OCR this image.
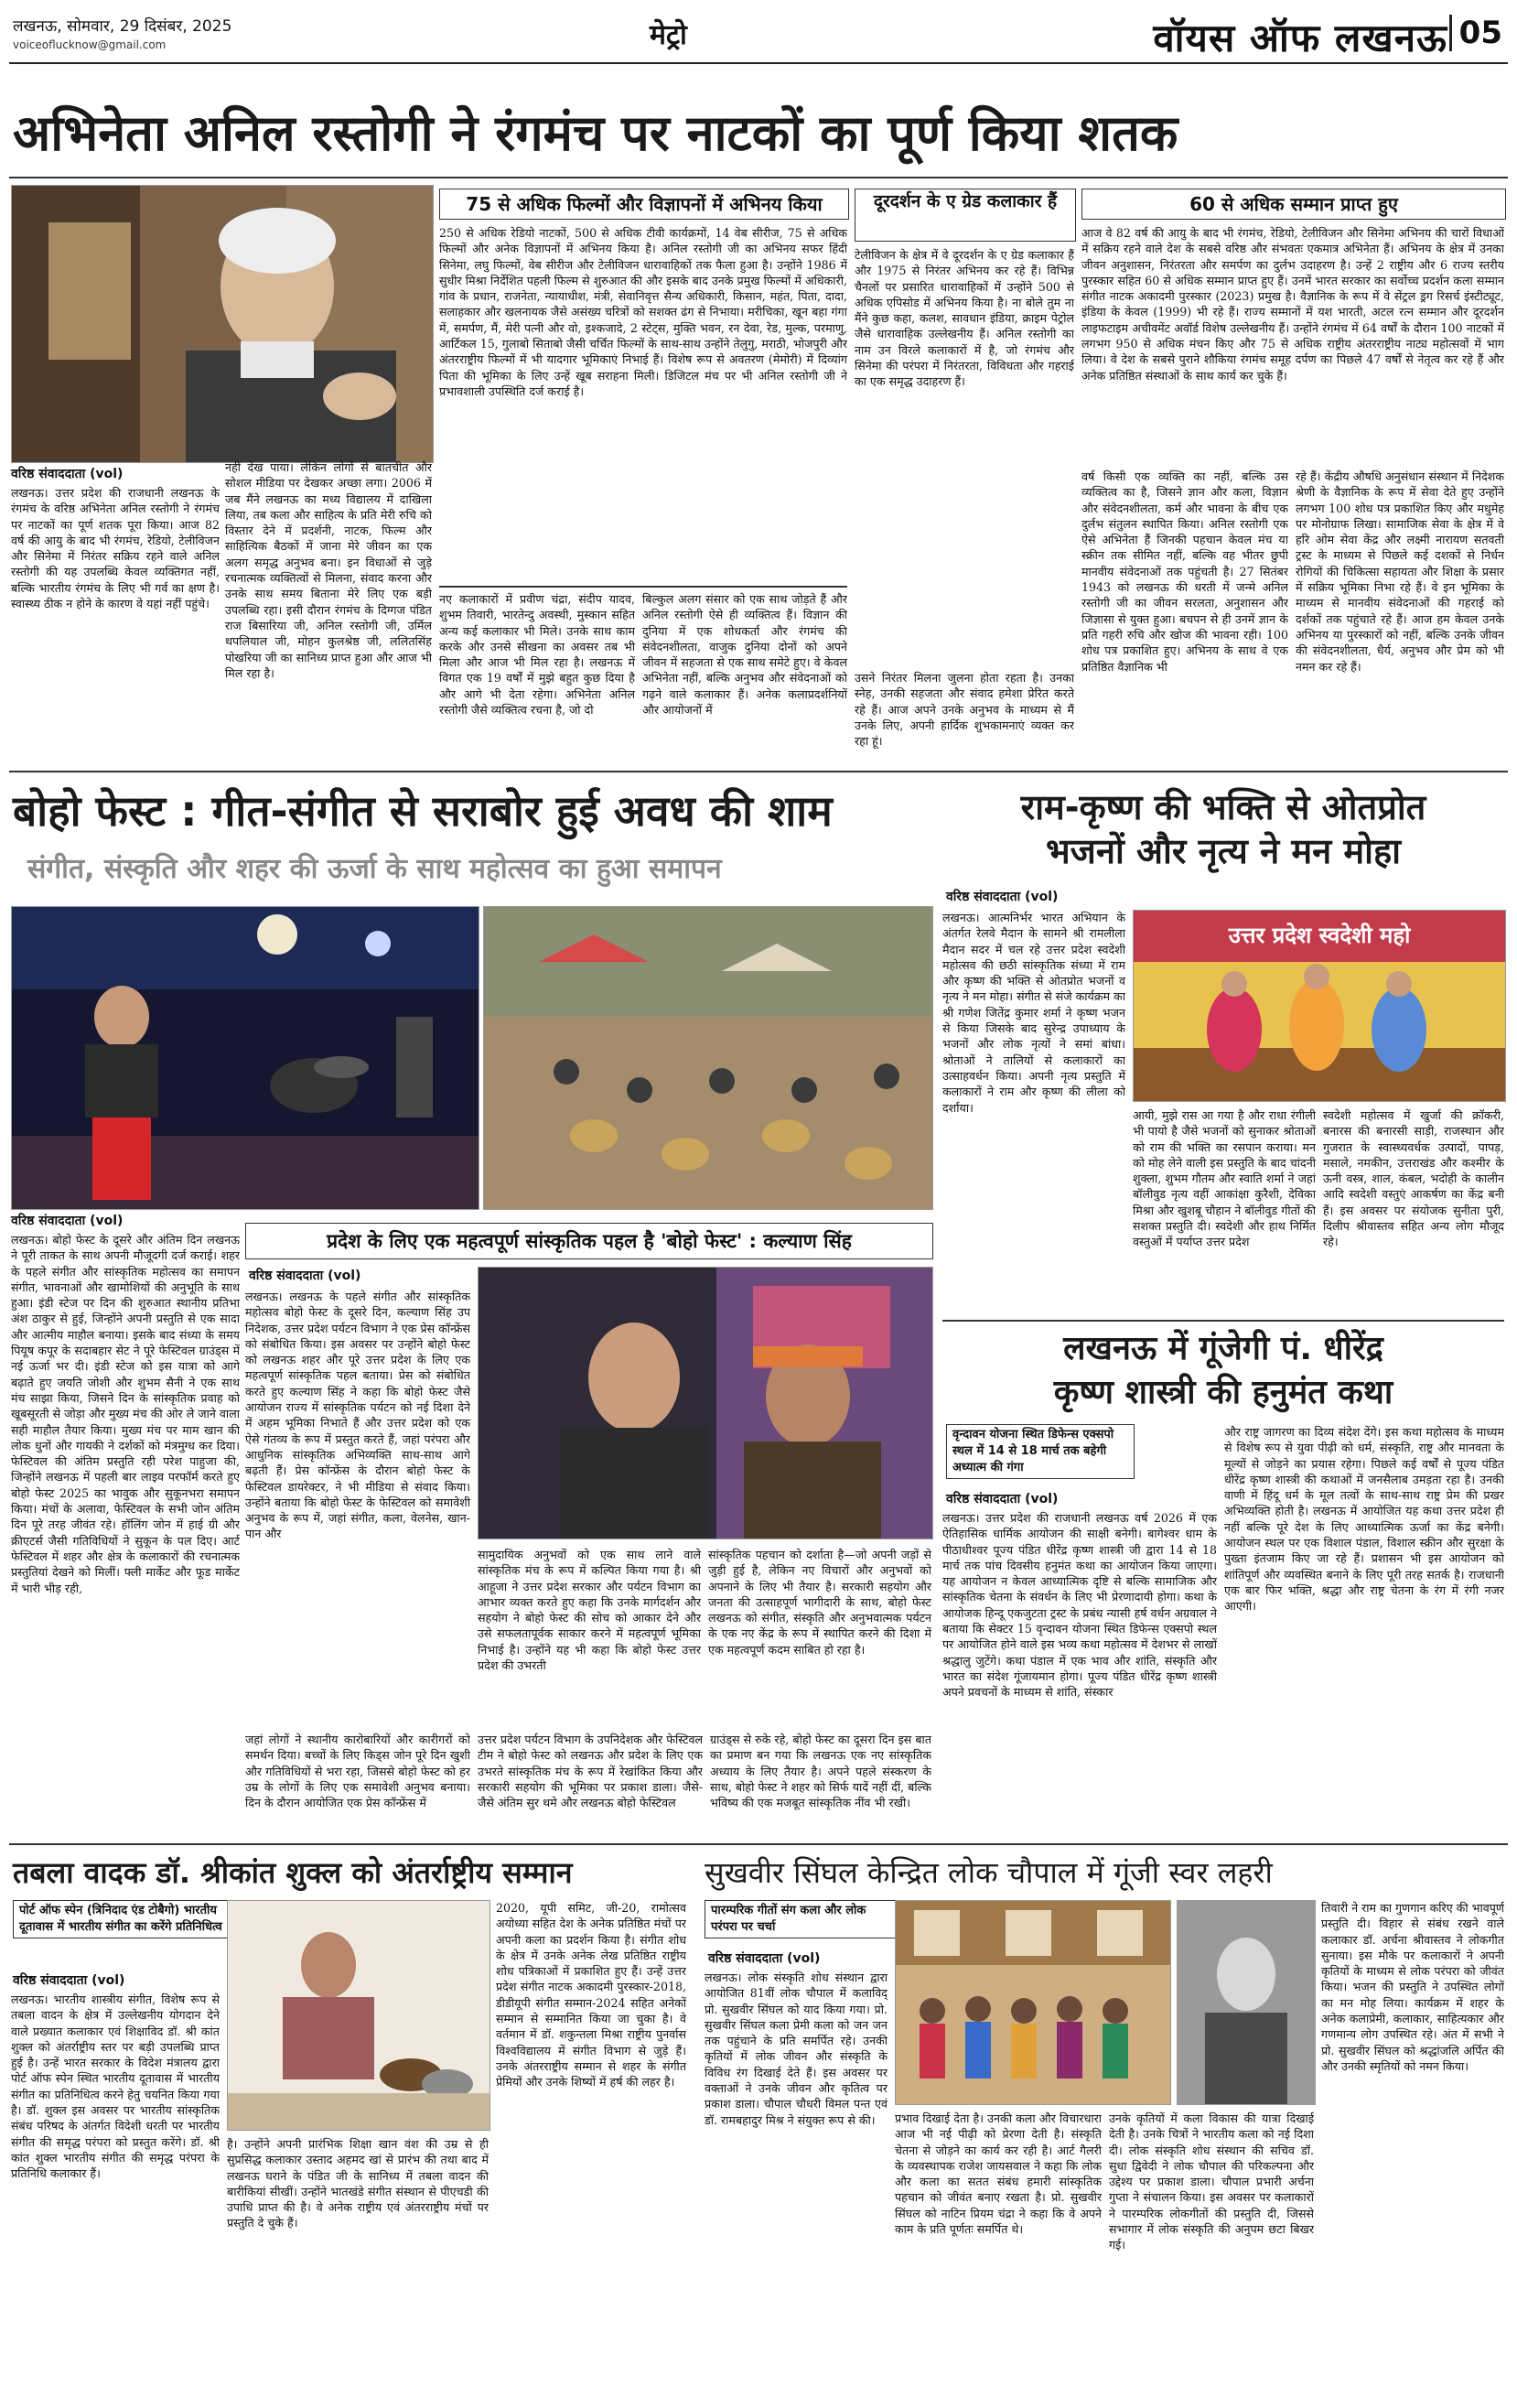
लखनऊ, सोमवार, 29 दिसंबर, 2025
voiceoflucknow@gmail.com	मेट्रो	वॉयस ऑफ लखनऊ 05
अभिनेता अनिल रस्तोगी ने रंगमंच पर नाटकों का पूर्ण किया शतक
वरिष्ठ संवाददाता (vol)
लखनऊ। उत्तर प्रदेश की राजधानी लखनऊ के रंगमंच के वरिष्ठ अभिनेता अनिल रस्तोगी ने रंगमंच पर नाटकों का पूर्ण शतक पूरा किया। आज 82 वर्ष की आयु के बाद भी रंगमंच, रेडियो, टेलीविजन और सिनेमा में निरंतर सक्रिय रहने वाले अनिल रस्तोगी की यह उपलब्धि केवल व्यक्तिगत नहीं, बल्कि भारतीय रंगमंच के लिए भी गर्व का क्षण है। स्वास्थ्य ठीक न होने के कारण वे यहां नहीं पहुंचे।
नहीं देख पाया। लेकिन लोगों से बातचीत और सोशल मीडिया पर देखकर अच्छा लगा। 2006 में जब मैंने लखनऊ का मध्य विद्यालय में दाखिला लिया, तब कला और साहित्य के प्रति मेरी रुचि को विस्तार देने में प्रदर्शनी, नाटक, फिल्म और साहित्यिक बैठकों में जाना मेरे जीवन का एक अलग समृद्ध अनुभव बना। इन विधाओं से जुड़े रचनात्मक व्यक्तित्वों से मिलना, संवाद करना और उनके साथ समय बिताना मेरे लिए एक बड़ी उपलब्धि रहा। इसी दौरान रंगमंच के दिग्गज पंडित राज बिसारिया जी, अनिल रस्तोगी जी, उर्मिल थपलियाल जी, मोहन कुलश्रेष्ठ जी, ललितसिंह पोखरिया जी का सानिध्य प्राप्त हुआ और आज भी मिल रहा है।
75 से अधिक फिल्मों और विज्ञापनों में अभिनय किया
250 से अधिक रेडियो नाटकों, 500 से अधिक टीवी कार्यक्रमों, 14 वेब सीरीज, 75 से अधिक फिल्मों और अनेक विज्ञापनों में अभिनय किया है। अनिल रस्तोगी जी का अभिनय सफर हिंदी सिनेमा, लघु फिल्मों, वेब सीरीज और टेलीविजन धारावाहिकों तक फैला हुआ है। उन्होंने 1986 में सुधीर मिश्रा निर्देशित पहली फिल्म से शुरुआत की और इसके बाद उनके प्रमुख फिल्मों में अधिकारी, गांव के प्रधान, राजनेता, न्यायाधीश, मंत्री, सेवानिवृत्त सैन्य अधिकारी, किसान, महंत, पिता, दादा, सलाहकार और खलनायक जैसे असंख्य चरित्रों को सशक्त ढंग से निभाया। मरीचिका, खून बहा गंगा में, समर्पण, मैं, मेरी पत्नी और वो, इश्कजादे, 2 स्टेट्स, मुक्ति भवन, रन देवा, रेड, मुल्क, परमाणु, आर्टिकल 15, गुलाबो सिताबो जैसी चर्चित फिल्मों के साथ-साथ उन्होंने तेलुगु, मराठी, भोजपुरी और अंतरराष्ट्रीय फिल्मों में भी यादगार भूमिकाएं निभाई हैं। विशेष रूप से अवतरण (मेमोरी) में दिव्यांग पिता की भूमिका के लिए उन्हें खूब सराहना मिली। डिजिटल मंच पर भी अनिल रस्तोगी जी ने प्रभावशाली उपस्थिति दर्ज कराई है।
नए कलाकारों में प्रवीण चंद्रा, संदीप यादव, शुभम तिवारी, भारतेन्दु अवस्थी, मुस्कान सहित अन्य कई कलाकार भी मिले। उनके साथ काम करके और उनसे सीखना का अवसर तब भी मिला और आज भी मिल रहा है। लखनऊ में विगत एक 19 वर्षों में मुझे बहुत कुछ दिया है और आगे भी देता रहेगा। अभिनेता अनिल रस्तोगी जैसे व्यक्तित्व रचना है, जो दो
बिल्कुल अलग संसार को एक साथ जोड़ते हैं और अनिल रस्तोगी ऐसे ही व्यक्तित्व हैं। विज्ञान की दुनिया में एक शोधकर्ता और रंगमंच की संवेदनशीलता, वाजुक दुनिया दोनों को अपने जीवन में सहजता से एक साथ समेटे हुए। वे केवल अभिनेता नहीं, बल्कि अनुभव और संवेदनाओं को गढ़ने वाले कलाकार हैं। अनेक कलाप्रदर्शनियों और आयोजनों में
दूरदर्शन के ए ग्रेड कलाकार हैं
टेलीविजन के क्षेत्र में वे दूरदर्शन के ए ग्रेड कलाकार हैं और 1975 से निरंतर अभिनय कर रहे हैं। विभिन्न चैनलों पर प्रसारित धारावाहिकों में उन्होंने 500 से अधिक एपिसोड में अभिनय किया है। ना बोले तुम ना मैंने कुछ कहा, कलश, सावधान इंडिया, क्राइम पेट्रोल जैसे धारावाहिक उल्लेखनीय हैं। अनिल रस्तोगी का नाम उन विरले कलाकारों में है, जो रंगमंच और सिनेमा की परंपरा में निरंतरता, विविधता और गहराई का एक समृद्ध उदाहरण हैं।
उसने निरंतर मिलना जुलना होता रहता है। उनका स्नेह, उनकी सहजता और संवाद हमेशा प्रेरित करते रहे हैं। आज अपने उनके अनुभव के माध्यम से मैं उनके लिए, अपनी हार्दिक शुभकामनाएं व्यक्त कर रहा हूं।
60 से अधिक सम्मान प्राप्त हुए
आज वे 82 वर्ष की आयु के बाद भी रंगमंच, रेडियो, टेलीविजन और सिनेमा अभिनय की चारों विधाओं में सक्रिय रहने वाले देश के सबसे वरिष्ठ और संभवतः एकमात्र अभिनेता हैं। अभिनय के क्षेत्र में उनका जीवन अनुशासन, निरंतरता और समर्पण का दुर्लभ उदाहरण है। उन्हें 2 राष्ट्रीय और 6 राज्य स्तरीय पुरस्कार सहित 60 से अधिक सम्मान प्राप्त हुए हैं। उनमें भारत सरकार का सर्वोच्च प्रदर्शन कला सम्मान संगीत नाटक अकादमी पुरस्कार (2023) प्रमुख है। वैज्ञानिक के रूप में वे सेंट्रल ड्रग रिसर्च इंस्टीट्यूट, इंडिया के केवल (1999) भी रहे हैं। राज्य सम्मानों में यश भारती, अटल रत्न सम्मान और दूरदर्शन लाइफटाइम अचीवमेंट अवॉर्ड विशेष उल्लेखनीय हैं। उन्होंने रंगमंच में 64 वर्षों के दौरान 100 नाटकों में लगभग 950 से अधिक मंचन किए और 75 से अधिक राष्ट्रीय अंतरराष्ट्रीय नाट्य महोत्सवों में भाग लिया। वे देश के सबसे पुराने शौकिया रंगमंच समूह दर्पण का पिछले 47 वर्षों से नेतृत्व कर रहे हैं और अनेक प्रतिष्ठित संस्थाओं के साथ कार्य कर चुके हैं।
वर्ष किसी एक व्यक्ति का नहीं, बल्कि उस व्यक्तित्व का है, जिसने ज्ञान और कला, विज्ञान और संवेदनशीलता, कर्म और भावना के बीच एक दुर्लभ संतुलन स्थापित किया। अनिल रस्तोगी एक ऐसे अभिनेता हैं जिनकी पहचान केवल मंच या स्क्रीन तक सीमित नहीं, बल्कि वह भीतर छुपी मानवीय संवेदनाओं तक पहुंचती है। 27 सितंबर 1943 को लखनऊ की धरती में जन्मे अनिल रस्तोगी जी का जीवन सरलता, अनुशासन और जिज्ञासा से युक्त हुआ। बचपन से ही उनमें ज्ञान के प्रति गहरी रुचि और खोज की भावना रही। 100 शोध पत्र प्रकाशित हुए। अभिनय के साथ वे एक प्रतिष्ठित वैज्ञानिक भी
रहे हैं। केंद्रीय औषधि अनुसंधान संस्थान में निदेशक श्रेणी के वैज्ञानिक के रूप में सेवा देते हुए उन्होंने लगभग 100 शोध पत्र प्रकाशित किए और मधुमेह पर मोनोग्राफ लिखा। सामाजिक सेवा के क्षेत्र में वे हरि ओम सेवा केंद्र और लक्ष्मी नारायण सतवती ट्रस्ट के माध्यम से पिछले कई दशकों से निर्धन रोगियों की चिकित्सा सहायता और शिक्षा के प्रसार में सक्रिय भूमिका निभा रहे हैं। वे इन भूमिका के माध्यम से मानवीय संवेदनाओं की गहराई को दर्शकों तक पहुंचाते रहे हैं। आज हम केवल उनके अभिनय या पुरस्कारों को नहीं, बल्कि उनके जीवन की संवेदनशीलता, धैर्य, अनुभव और प्रेम को भी नमन कर रहे हैं।
बोहो फेस्ट : गीत-संगीत से सराबोर हुई अवध की शाम
संगीत, संस्कृति और शहर की ऊर्जा के साथ महोत्सव का हुआ समापन
वरिष्ठ संवाददाता (vol)
लखनऊ। बोहो फेस्ट के दूसरे और अंतिम दिन लखनऊ ने पूरी ताकत के साथ अपनी मौजूदगी दर्ज कराई। शहर के पहले संगीत और सांस्कृतिक महोत्सव का समापन संगीत, भावनाओं और खामोशियों की अनुभूति के साथ हुआ। इंडी स्टेज पर दिन की शुरुआत स्थानीय प्रतिभा अंश ठाकुर से हुई, जिन्होंने अपनी प्रस्तुति से एक सादा और आत्मीय माहौल बनाया। इसके बाद संध्या के समय पियूष कपूर के सदाबहार सेट ने पूरे फेस्टिवल ग्राउंड्स में नई ऊर्जा भर दी। इंडी स्टेज को इस यात्रा को आगे बढ़ाते हुए जयति जोशी और शुभम सैनी ने एक साथ मंच साझा किया, जिसने दिन के सांस्कृतिक प्रवाह को खूबसूरती से जोड़ा और मुख्य मंच की ओर ले जाने वाला सही माहौल तैयार किया। मुख्य मंच पर माम खान की लोक धुनों और गायकी ने दर्शकों को मंत्रमुग्ध कर दिया। फेस्टिवल की अंतिम प्रस्तुति रही परेश पाहुजा की, जिन्होंने लखनऊ में पहली बार लाइव परफॉर्म करते हुए बोहो फेस्ट 2025 का भावुक और सुकूनभरा समापन किया। मंचों के अलावा, फेस्टिवल के सभी जोन अंतिम दिन पूरे तरह जीवंत रहे। हॉलिंग जोन में हाई ग्री और क्रीएटर्स जैसी गतिविधियों ने सुकून के पल दिए। आर्ट फेस्टिवल में शहर और क्षेत्र के कलाकारों की रचनात्मक प्रस्तुतियां देखने को मिलीं। फ्ली मार्केट और फूड मार्केट में भारी भीड़ रही,
जहां लोगों ने स्थानीय कारोबारियों और कारीगरों को समर्थन दिया। बच्चों के लिए किड्स जोन पूरे दिन खुशी और गतिविधियों से भरा रहा, जिससे बोहो फेस्ट को हर उम्र के लोगों के लिए एक समावेशी अनुभव बनाया। दिन के दौरान आयोजित एक प्रेस कॉन्फ्रेंस में
उत्तर प्रदेश पर्यटन विभाग के उपनिदेशक और फेस्टिवल टीम ने बोहो फेस्ट को लखनऊ और प्रदेश के लिए एक उभरते सांस्कृतिक मंच के रूप में रेखांकित किया और सरकारी सहयोग की भूमिका पर प्रकाश डाला। जैसे-जैसे अंतिम सुर थमे और लखनऊ बोहो फेस्टिवल
ग्राउंड्स से रुके रहे, बोहो फेस्ट का दूसरा दिन इस बात का प्रमाण बन गया कि लखनऊ एक नए सांस्कृतिक अध्याय के लिए तैयार है। अपने पहले संस्करण के साथ, बोहो फेस्ट ने शहर को सिर्फ यादें नहीं दीं, बल्कि भविष्य की एक मजबूत सांस्कृतिक नींव भी रखी।
प्रदेश के लिए एक महत्वपूर्ण सांस्कृतिक पहल है 'बोहो फेस्ट' : कल्याण सिंह
वरिष्ठ संवाददाता (vol)
लखनऊ। लखनऊ के पहले संगीत और सांस्कृतिक महोत्सव बोहो फेस्ट के दूसरे दिन, कल्याण सिंह उप निदेशक, उत्तर प्रदेश पर्यटन विभाग ने एक प्रेस कॉन्फ्रेंस को संबोधित किया। इस अवसर पर उन्होंने बोहो फेस्ट को लखनऊ शहर और पूरे उत्तर प्रदेश के लिए एक महत्वपूर्ण सांस्कृतिक पहल बताया। प्रेस को संबोधित करते हुए कल्याण सिंह ने कहा कि बोहो फेस्ट जैसे आयोजन राज्य में सांस्कृतिक पर्यटन को नई दिशा देने में अहम भूमिका निभाते हैं और उत्तर प्रदेश को एक ऐसे गंतव्य के रूप में प्रस्तुत करते हैं, जहां परंपरा और आधुनिक सांस्कृतिक अभिव्यक्ति साथ-साथ आगे बढ़ती हैं। प्रेस कॉन्फ्रेंस के दौरान बोहो फेस्ट के फेस्टिवल डायरेक्टर, ने भी मीडिया से संवाद किया। उन्होंने बताया कि बोहो फेस्ट के फेस्टिवल को समावेशी अनुभव के रूप में, जहां संगीत, कला, वेलनेस, खान-पान और
सामुदायिक अनुभवों को एक साथ लाने वाले सांस्कृतिक मंच के रूप में कल्पित किया गया है। श्री आहूजा ने उत्तर प्रदेश सरकार और पर्यटन विभाग का आभार व्यक्त करते हुए कहा कि उनके मार्गदर्शन और सहयोग ने बोहो फेस्ट की सोच को आकार देने और उसे सफलतापूर्वक साकार करने में महत्वपूर्ण भूमिका निभाई है। उन्होंने यह भी कहा कि बोहो फेस्ट उत्तर प्रदेश की उभरती
सांस्कृतिक पहचान को दर्शाता है—जो अपनी जड़ों से जुड़ी हुई है, लेकिन नए विचारों और अनुभवों को अपनाने के लिए भी तैयार है। सरकारी सहयोग और जनता की उत्साहपूर्ण भागीदारी के साथ, बोहो फेस्ट लखनऊ को संगीत, संस्कृति और अनुभवात्मक पर्यटन के एक नए केंद्र के रूप में स्थापित करने की दिशा में एक महत्वपूर्ण कदम साबित हो रहा है।
राम-कृष्ण की भक्ति से ओतप्रोत
भजनों और नृत्य ने मन मोहा
वरिष्ठ संवाददाता (vol)
लखनऊ। आत्मनिर्भर भारत अभियान के अंतर्गत रेलवे मैदान के सामने श्री रामलीला मैदान सदर में चल रहे उत्तर प्रदेश स्वदेशी महोत्सव की छठी सांस्कृतिक संध्या में राम और कृष्ण की भक्ति से ओतप्रोत भजनों व नृत्य ने मन मोहा। संगीत से संजे कार्यक्रम का श्री गणेश जितेंद्र कुमार शर्मा ने कृष्ण भजन से किया जिसके बाद सुरेन्द्र उपाध्याय के भजनों और लोक नृत्यों ने समां बांधा। श्रोताओं ने तालियों से कलाकारों का उत्साहवर्धन किया। अपनी नृत्य प्रस्तुति में कलाकारों ने राम और कृष्ण की लीला को दर्शाया।
उत्तर प्रदेश स्वदेशी महो
आयी, मुझे रास आ गया है और राधा रंगीली भी पायो है जैसे भजनों को सुनाकर श्रोताओं को राम की भक्ति का रसपान कराया। मन को मोह लेने वाली इस प्रस्तुति के बाद चांदनी शुक्ला, शुभम गौतम और स्वाति शर्मा ने जहां बॉलीवुड नृत्य वहीं आकांक्षा कुरैशी, देविका मिश्रा और खुशबू चौहान ने बॉलीवुड गीतों की सशक्त प्रस्तुति दी। स्वदेशी और हाथ निर्मित वस्तुओं में पर्याप्त उत्तर प्रदेश
स्वदेशी महोत्सव में खुर्जा की क्रॉकरी, बनारस की बनारसी साड़ी, राजस्थान और गुजरात के स्वास्थ्यवर्धक उत्पादों, पापड़, मसाले, नमकीन, उत्तराखंड और कश्मीर के ऊनी वस्त्र, शाल, कंबल, भदोही के कालीन आदि स्वदेशी वस्तुएं आकर्षण का केंद्र बनी हैं। इस अवसर पर संयोजक सुनीता पुरी, दिलीप श्रीवास्तव सहित अन्य लोग मौजूद रहे।
लखनऊ में गूंजेगी पं. धीरेंद्र
कृष्ण शास्त्री की हनुमंत कथा
वृन्दावन योजना स्थित डिफेन्स एक्सपो स्थल में 14 से 18 मार्च तक बहेगी अध्यात्म की गंगा
वरिष्ठ संवाददाता (vol)
लखनऊ। उत्तर प्रदेश की राजधानी लखनऊ वर्ष 2026 में एक ऐतिहासिक धार्मिक आयोजन की साक्षी बनेगी। बागेश्वर धाम के पीठाधीश्वर पूज्य पंडित धीरेंद्र कृष्ण शास्त्री जी द्वारा 14 से 18 मार्च तक पांच दिवसीय हनुमंत कथा का आयोजन किया जाएगा। यह आयोजन न केवल आध्यात्मिक दृष्टि से बल्कि सामाजिक और सांस्कृतिक चेतना के संवर्धन के लिए भी प्रेरणादायी होगा। कथा के आयोजक हिन्दू एकजुटता ट्रस्ट के प्रबंध न्यासी हर्ष वर्धन अग्रवाल ने बताया कि सेक्टर 15 वृन्दावन योजना स्थित डिफेन्स एक्सपो स्थल पर आयोजित होने वाले इस भव्य कथा महोत्सव में देशभर से लाखों श्रद्धालु जुटेंगे। कथा पंडाल में एक भाव और शांति, संस्कृति और भारत का संदेश गूंजायमान होगा। पूज्य पंडित धीरेंद्र कृष्ण शास्त्री अपने प्रवचनों के माध्यम से शांति, संस्कार
और राष्ट्र जागरण का दिव्य संदेश देंगे। इस कथा महोत्सव के माध्यम से विशेष रूप से युवा पीढ़ी को धर्म, संस्कृति, राष्ट्र और मानवता के मूल्यों से जोड़ने का प्रयास रहेगा। पिछले कई वर्षों से पूज्य पंडित धीरेंद्र कृष्ण शास्त्री की कथाओं में जनसैलाब उमड़ता रहा है। उनकी वाणी में हिंदू धर्म के मूल तत्वों के साथ-साथ राष्ट्र प्रेम की प्रखर अभिव्यक्ति होती है। लखनऊ में आयोजित यह कथा उत्तर प्रदेश ही नहीं बल्कि पूरे देश के लिए आध्यात्मिक ऊर्जा का केंद्र बनेगी। आयोजन स्थल पर एक विशाल पंडाल, विशाल स्क्रीन और सुरक्षा के पुख्ता इंतजाम किए जा रहे हैं। प्रशासन भी इस आयोजन को शांतिपूर्ण और व्यवस्थित बनाने के लिए पूरी तरह सतर्क है। राजधानी एक बार फिर भक्ति, श्रद्धा और राष्ट्र चेतना के रंग में रंगी नजर आएगी।
तबला वादक डॉ. श्रीकांत शुक्ल को अंतर्राष्ट्रीय सम्मान
पोर्ट ऑफ स्पेन (त्रिनिदाद एंड टोबैगो) भारतीय दूतावास में भारतीय संगीत का करेंगे प्रतिनिधित्व
वरिष्ठ संवाददाता (vol)
लखनऊ। भारतीय शास्त्रीय संगीत, विशेष रूप से तबला वादन के क्षेत्र में उल्लेखनीय योगदान देने वाले प्रख्यात कलाकार एवं शिक्षाविद डॉ. श्री कांत शुक्ल को अंतर्राष्ट्रीय स्तर पर बड़ी उपलब्धि प्राप्त हुई है। उन्हें भारत सरकार के विदेश मंत्रालय द्वारा पोर्ट ऑफ स्पेन स्थित भारतीय दूतावास में भारतीय संगीत का प्रतिनिधित्व करने हेतु चयनित किया गया है। डॉ. शुक्ल इस अवसर पर भारतीय सांस्कृतिक संबंध परिषद के अंतर्गत विदेशी धरती पर भारतीय संगीत की समृद्ध परंपरा को प्रस्तुत करेंगे। डॉ. श्री कांत शुक्ल भारतीय संगीत की समृद्ध परंपरा के प्रतिनिधि कलाकार हैं।
है। उन्होंने अपनी प्रारंभिक शिक्षा खान वंश की उम्र से ही सुप्रसिद्ध कलाकार उस्ताद अहमद खां से प्रारंभ की तथा बाद में लखनऊ घराने के पंडित जी के सानिध्य में तबला वादन की बारीकियां सीखीं। उन्होंने भातखंडे संगीत संस्थान से पीएचडी की उपाधि प्राप्त की है। वे अनेक राष्ट्रीय एवं अंतरराष्ट्रीय मंचों पर प्रस्तुति दे चुके हैं।
2020, यूपी समिट, जी-20, रामोत्सव अयोध्या सहित देश के अनेक प्रतिष्ठित मंचों पर अपनी कला का प्रदर्शन किया है। संगीत शोध के क्षेत्र में उनके अनेक लेख प्रतिष्ठित राष्ट्रीय शोध पत्रिकाओं में प्रकाशित हुए हैं। उन्हें उत्तर प्रदेश संगीत नाटक अकादमी पुरस्कार-2018, डीडीयूपी संगीत सम्मान-2024 सहित अनेकों सम्मान से सम्मानित किया जा चुका है। वे वर्तमान में डॉ. शकुन्तला मिश्रा राष्ट्रीय पुनर्वास विश्वविद्यालय में संगीत विभाग से जुड़े हैं। उनके अंतरराष्ट्रीय सम्मान से शहर के संगीत प्रेमियों और उनके शिष्यों में हर्ष की लहर है।
सुखवीर सिंघल केन्द्रित लोक चौपाल में गूंजी स्वर लहरी
पारम्परिक गीतों संग कला और लोक परंपरा पर चर्चा
वरिष्ठ संवाददाता (vol)
लखनऊ। लोक संस्कृति शोध संस्थान द्वारा आयोजित 81वीं लोक चौपाल में कलाविद् प्रो. सुखवीर सिंघल को याद किया गया। प्रो. सुखवीर सिंघल कला प्रेमी कला को जन जन तक पहुंचाने के प्रति समर्पित रहे। उनकी कृतियों में लोक जीवन और संस्कृति के विविध रंग दिखाई देते हैं। इस अवसर पर वक्ताओं ने उनके जीवन और कृतित्व पर प्रकाश डाला। चौपाल चौधरी विमल पन्त एवं डॉ. रामबहादुर मिश्र ने संयुक्त रूप से की।	प्रभाव दिखाई देता है। उनकी कला और विचारधारा आज भी नई पीढ़ी को प्रेरणा देती है। संस्कृति चेतना से जोड़ने का कार्य कर रही है। आर्ट गैलरी के व्यवस्थापक राजेश जायसवाल ने कहा कि लोक और कला का सतत संबंध हमारी सांस्कृतिक पहचान को जीवंत बनाए रखता है। प्रो. सुखवीर सिंघल को नाटिन प्रियम चंद्रा ने कहा कि वे अपने काम के प्रति पूर्णतः समर्पित थे।
उनके कृतियों में कला विकास की यात्रा दिखाई देती है। उनके चित्रों ने भारतीय कला को नई दिशा दी। लोक संस्कृति शोध संस्थान की सचिव डॉ. सुधा द्विवेदी ने लोक चौपाल की परिकल्पना और उद्देश्य पर प्रकाश डाला। चौपाल प्रभारी अर्चना गुप्ता ने संचालन किया। इस अवसर पर कलाकारों ने पारम्परिक लोकगीतों की प्रस्तुति दी, जिससे सभागार में लोक संस्कृति की अनुपम छटा बिखर गई।
तिवारी ने राम का गुणगान करिए की भावपूर्ण प्रस्तुति दी। विहार से संबंध रखने वाले कलाकार डॉ. अर्चना श्रीवास्तव ने लोकगीत सुनाया। इस मौके पर कलाकारों ने अपनी कृतियों के माध्यम से लोक परंपरा को जीवंत किया। भजन की प्रस्तुति ने उपस्थित लोगों का मन मोह लिया। कार्यक्रम में शहर के अनेक कलाप्रेमी, कलाकार, साहित्यकार और गणमान्य लोग उपस्थित रहे। अंत में सभी ने प्रो. सुखवीर सिंघल को श्रद्धांजलि अर्पित की और उनकी स्मृतियों को नमन किया।
